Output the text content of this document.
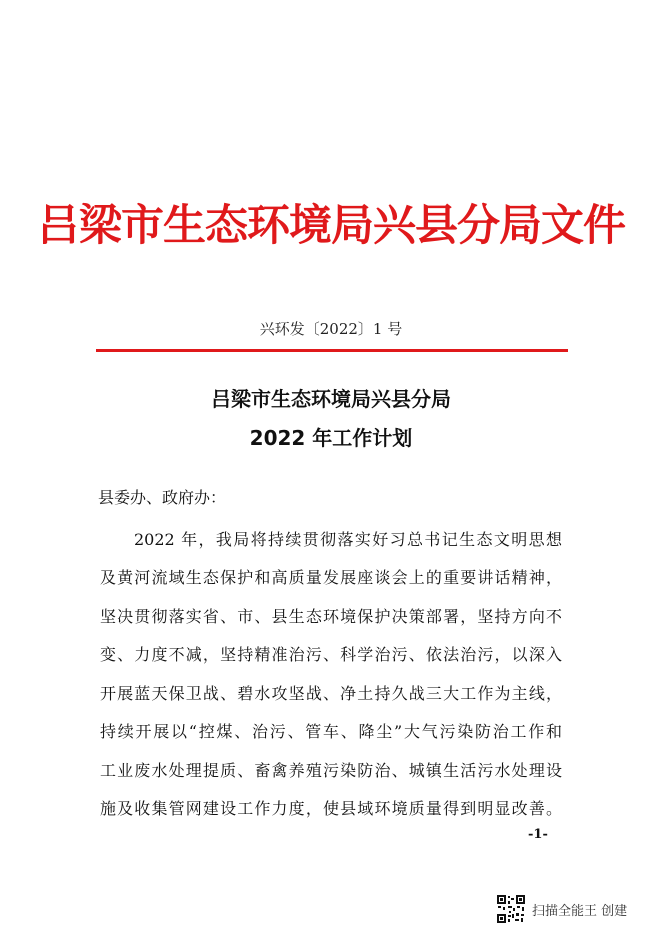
吕梁市生态环境局兴县分局文件
兴环发〔2022〕1 号
吕梁市生态环境局兴县分局
2022 年工作计划
县委办、政府办：
2022 年，我局将持续贯彻落实好习总书记生态文明思想
及黄河流域生态保护和高质量发展座谈会上的重要讲话精神，
坚决贯彻落实省、市、县生态环境保护决策部署，坚持方向不
变、力度不减，坚持精准治污、科学治污、依法治污，以深入
开展蓝天保卫战、碧水攻坚战、净土持久战三大工作为主线，
持续开展以“控煤、治污、管车、降尘”大气污染防治工作和
工业废水处理提质、畜禽养殖污染防治、城镇生活污水处理设
施及收集管网建设工作力度，使县域环境质量得到明显改善。
-1-
扫描全能王 创建
